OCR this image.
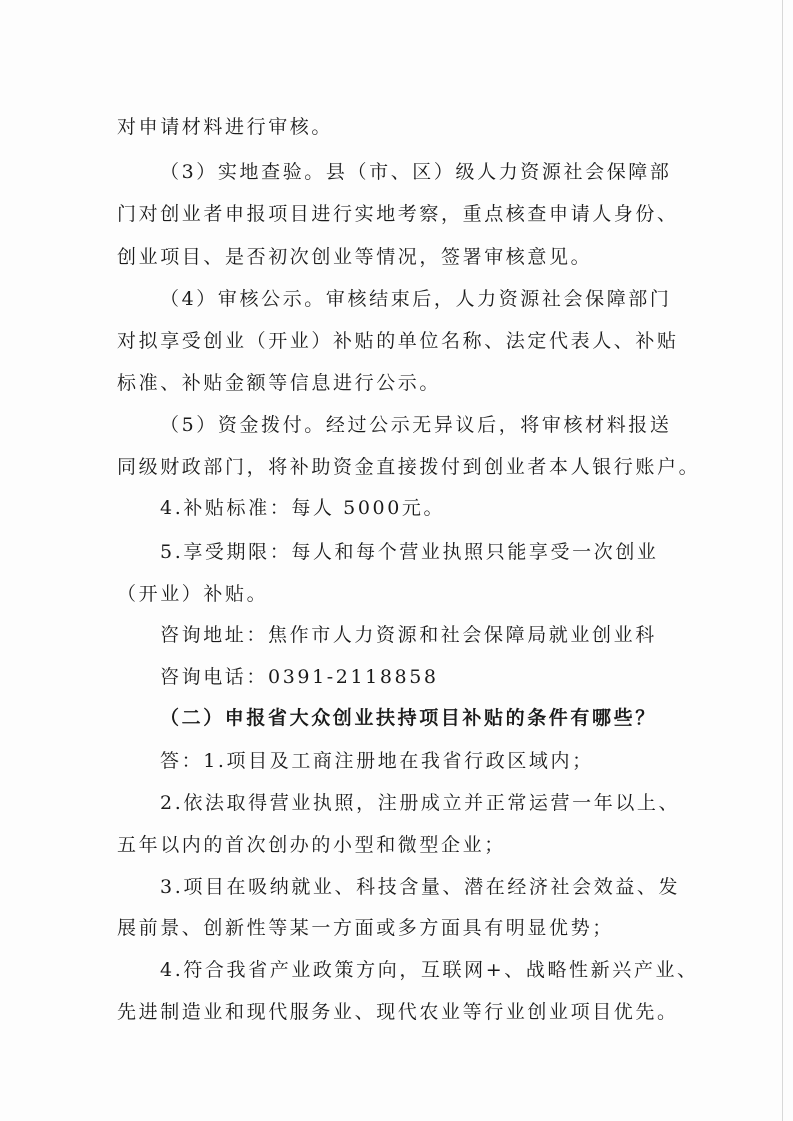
对申请材料进行审核。
（3）实地查验。县（市、区）级人力资源社会保障部
门对创业者申报项目进行实地考察，重点核查申请人身份、
创业项目、是否初次创业等情况，签署审核意见。
（4）审核公示。审核结束后，人力资源社会保障部门
对拟享受创业（开业）补贴的单位名称、法定代表人、补贴
标准、补贴金额等信息进行公示。
（5）资金拨付。经过公示无异议后，将审核材料报送
同级财政部门，将补助资金直接拨付到创业者本人银行账户。
4.补贴标准：每人 5000元。
5.享受期限：每人和每个营业执照只能享受一次创业
（开业）补贴。
咨询地址：焦作市人力资源和社会保障局就业创业科
咨询电话：0391-2118858
（二）申报省大众创业扶持项目补贴的条件有哪些？
答：1.项目及工商注册地在我省行政区域内；
2.依法取得营业执照，注册成立并正常运营一年以上、
五年以内的首次创办的小型和微型企业；
3.项目在吸纳就业、科技含量、潜在经济社会效益、发
展前景、创新性等某一方面或多方面具有明显优势；
4.符合我省产业政策方向，互联网+、战略性新兴产业、
先进制造业和现代服务业、现代农业等行业创业项目优先。
